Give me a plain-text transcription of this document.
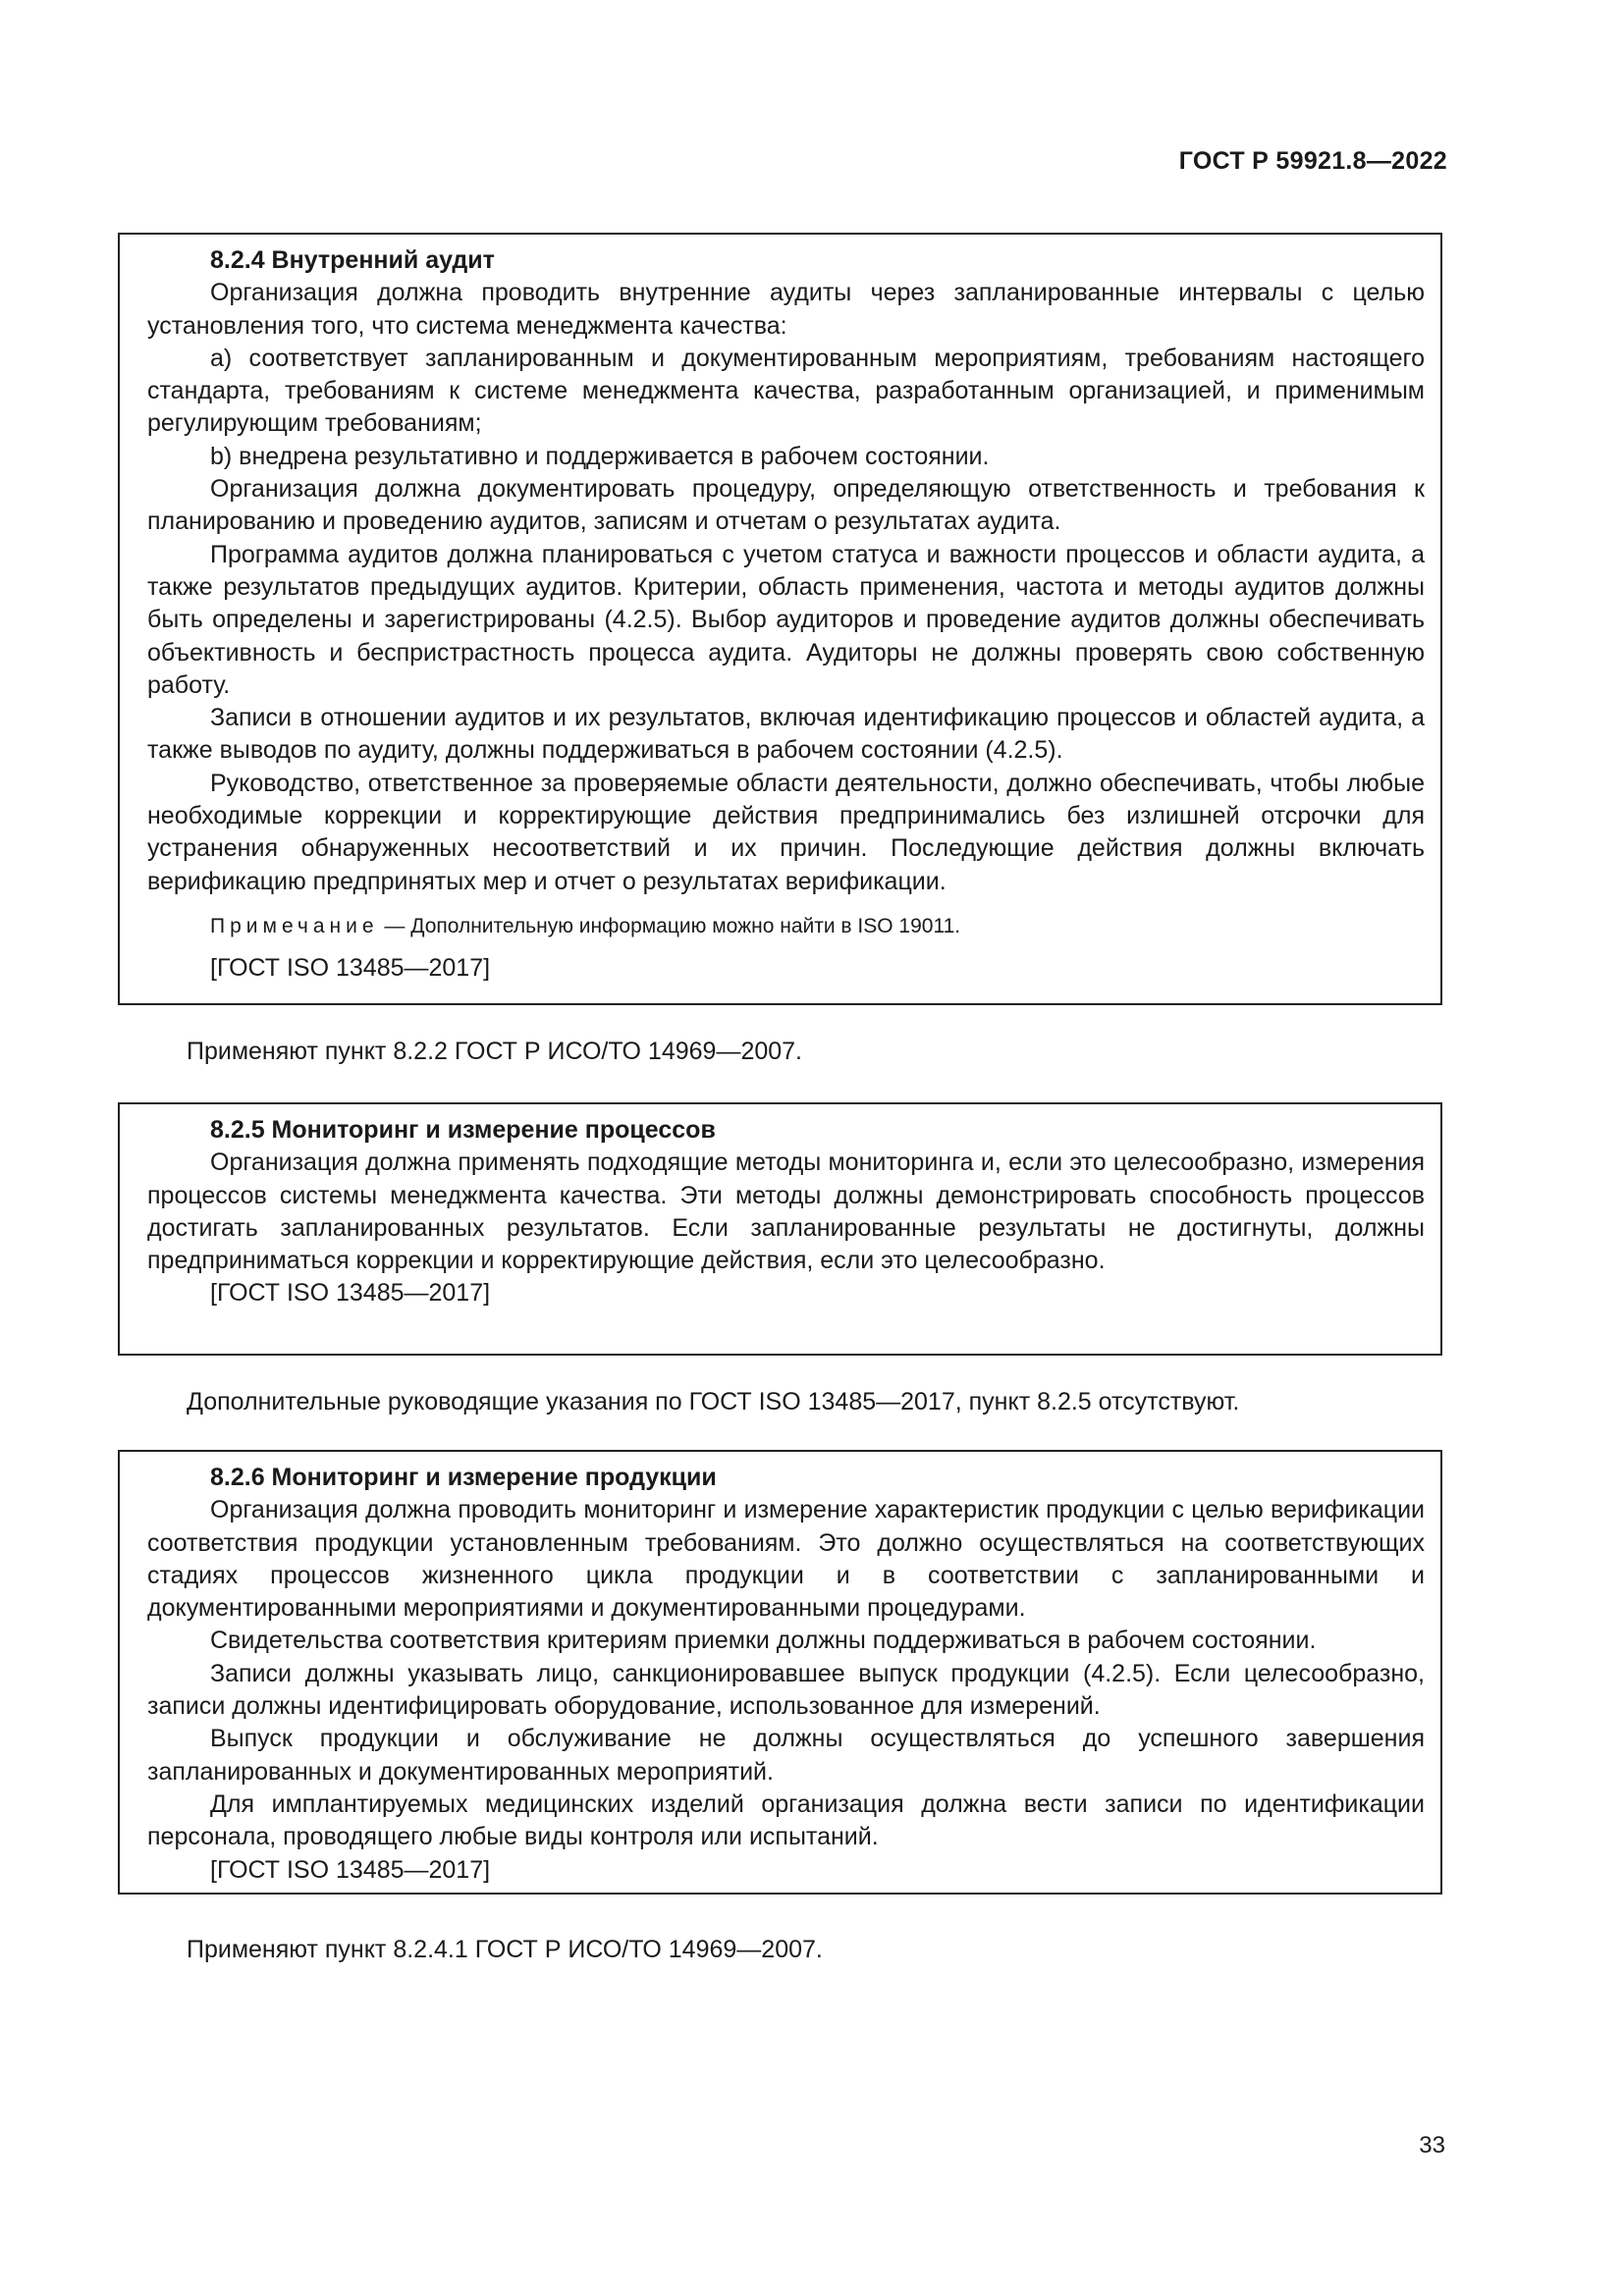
ГОСТ Р 59921.8—2022
8.2.4 Внутренний аудит

Организация должна проводить внутренние аудиты через запланированные интервалы с целью установления того, что система менеджмента качества:

а) соответствует запланированным и документированным мероприятиям, требованиям настоящего стандарта, требованиям к системе менеджмента качества, разработанным организацией, и применимым регулирующим требованиям;

b) внедрена результативно и поддерживается в рабочем состоянии.

Организация должна документировать процедуру, определяющую ответственность и требования к планированию и проведению аудитов, записям и отчетам о результатах аудита.

Программа аудитов должна планироваться с учетом статуса и важности процессов и области аудита, а также результатов предыдущих аудитов. Критерии, область применения, частота и методы аудитов должны быть определены и зарегистрированы (4.2.5). Выбор аудиторов и проведение аудитов должны обеспечивать объективность и беспристрастность процесса аудита. Аудиторы не должны проверять свою собственную работу.

Записи в отношении аудитов и их результатов, включая идентификацию процессов и областей аудита, а также выводов по аудиту, должны поддерживаться в рабочем состоянии (4.2.5).

Руководство, ответственное за проверяемые области деятельности, должно обеспечивать, чтобы любые необходимые коррекции и корректирующие действия предпринимались без излишней отсрочки для устранения обнаруженных несоответствий и их причин. Последующие действия должны включать верификацию предпринятых мер и отчет о результатах верификации.

Примечание — Дополнительную информацию можно найти в ISO 19011.

[ГОСТ ISO 13485—2017]

Применяют пункт 8.2.2 ГОСТ Р ИСО/ТО 14969—2007.

8.2.5 Мониторинг и измерение процессов

Организация должна применять подходящие методы мониторинга и, если это целесообразно, измерения процессов системы менеджмента качества. Эти методы должны демонстрировать способность процессов достигать запланированных результатов. Если запланированные результаты не достигнуты, должны предприниматься коррекции и корректирующие действия, если это целесообразно.

[ГОСТ ISO 13485—2017]

Дополнительные руководящие указания по ГОСТ ISO 13485—2017, пункт 8.2.5 отсутствуют.

8.2.6 Мониторинг и измерение продукции

Организация должна проводить мониторинг и измерение характеристик продукции с целью верификации соответствия продукции установленным требованиям. Это должно осуществляться на соответствующих стадиях процессов жизненного цикла продукции и в соответствии с запланированными и документированными мероприятиями и документированными процедурами.

Свидетельства соответствия критериям приемки должны поддерживаться в рабочем состоянии.

Записи должны указывать лицо, санкционировавшее выпуск продукции (4.2.5). Если целесообразно, записи должны идентифицировать оборудование, использованное для измерений.

Выпуск продукции и обслуживание не должны осуществляться до успешного завершения запланированных и документированных мероприятий.

Для имплантируемых медицинских изделий организация должна вести записи по идентификации персонала, проводящего любые виды контроля или испытаний.

[ГОСТ ISO 13485—2017]

Применяют пункт 8.2.4.1 ГОСТ Р ИСО/ТО 14969—2007.

33
